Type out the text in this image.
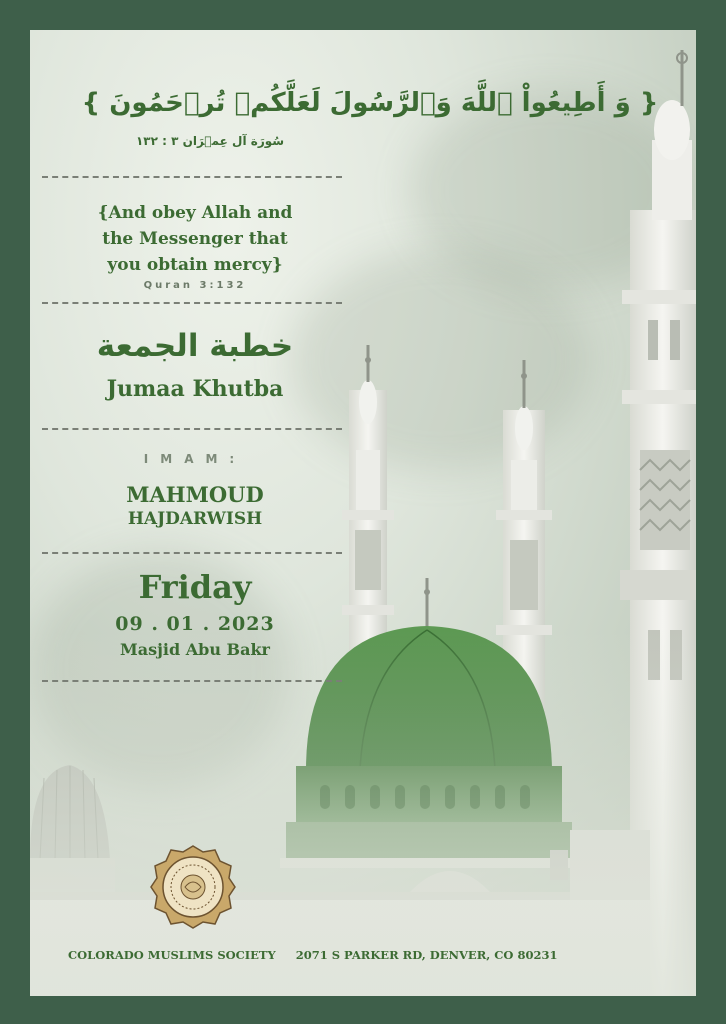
{ وَ أَطِيعُواْ ٱللَّهَ وَٱلرَّسُولَ لَعَلَّكُمۡ تُرۡحَمُونَ }
سُورَة آل عِمۡرَان ٣ : ١٣٢
{And obey Allah and
the Messenger that
you obtain mercy}
Quran 3:132
خطبة الجمعة
Jumaa Khutba
IMAM:
MAHMOUD
HAJDARWISH
Friday
09 . 01 . 2023
Masjid Abu Bakr
COLORADO MUSLIMS SOCIETY 2071 S PARKER RD, DENVER, CO 80231
